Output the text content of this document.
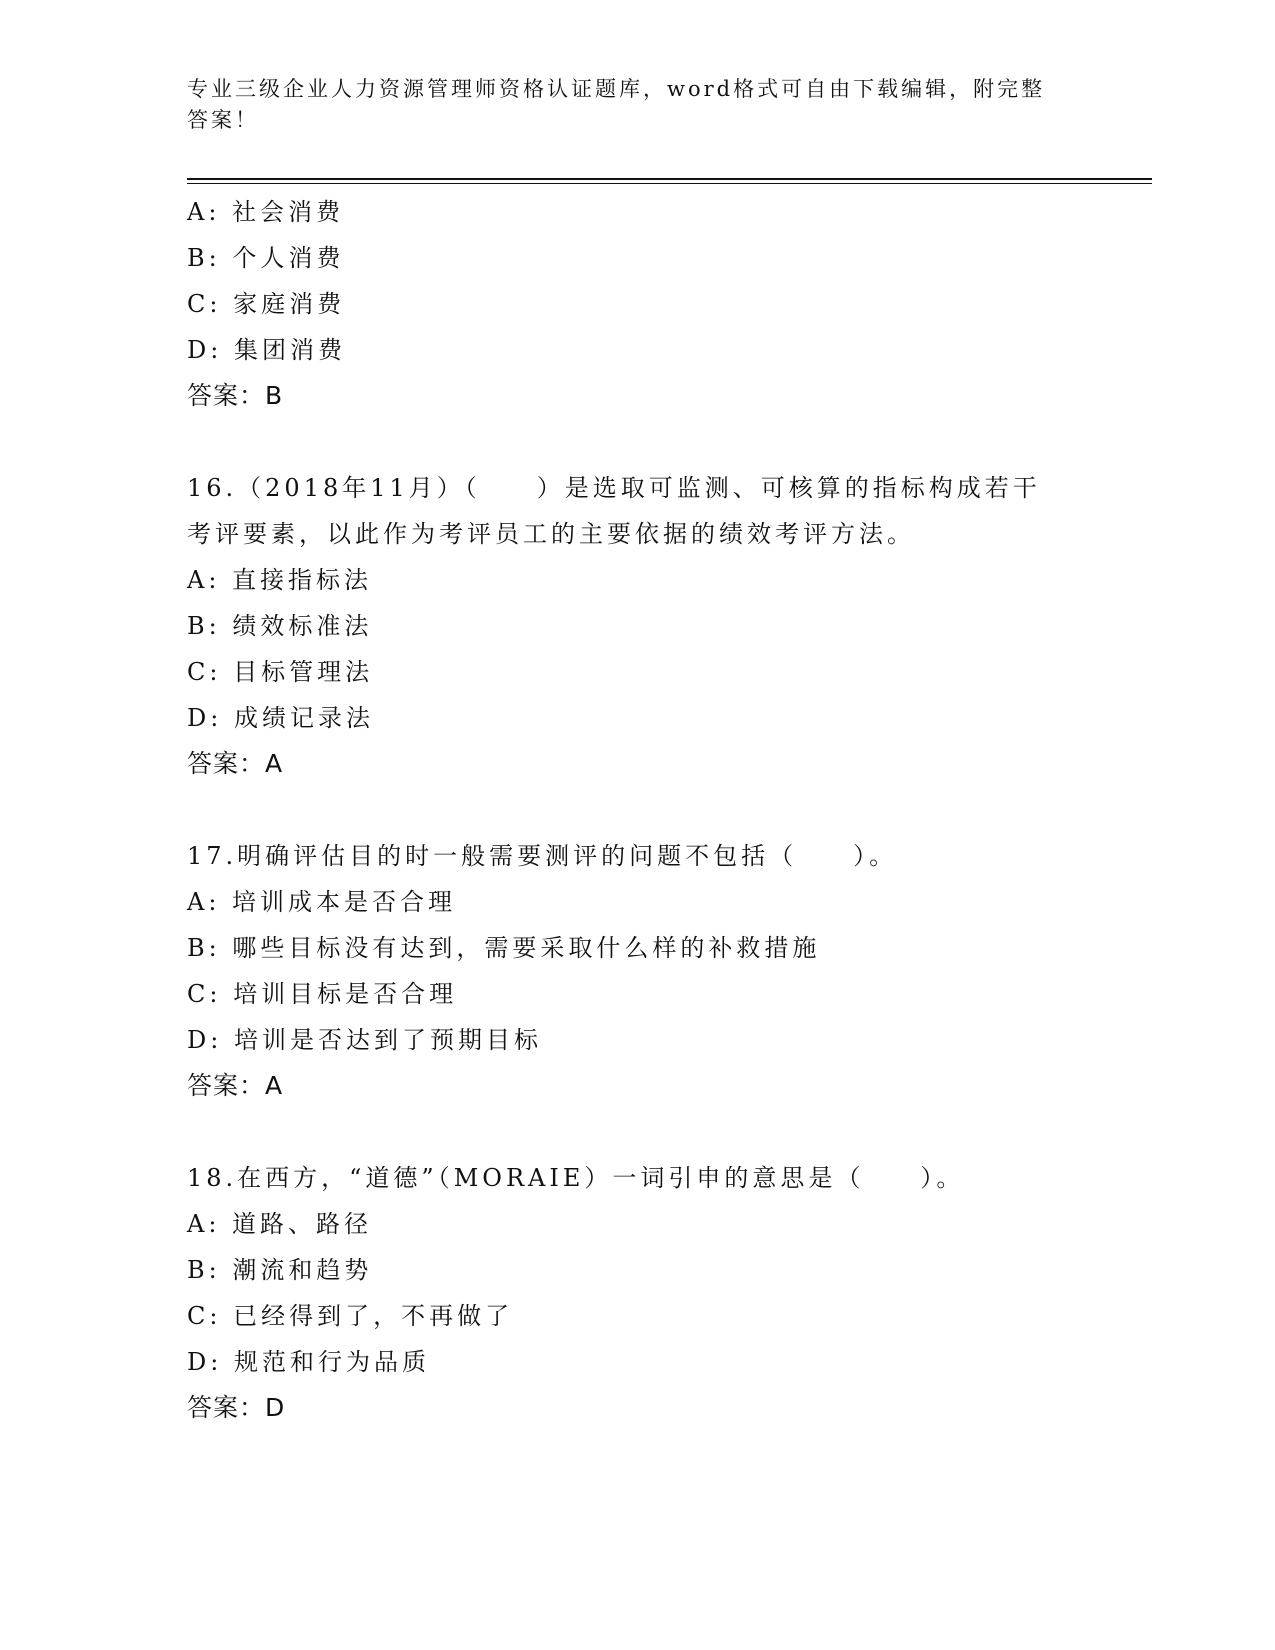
专业三级企业人力资源管理师资格认证题库，word格式可自由下载编辑，附完整
答案！
A: 社会消费
B: 个人消费
C: 家庭消费
D: 集团消费
答案：B
16.（2018年11月）（　　）是选取可监测、可核算的指标构成若干
考评要素，以此作为考评员工的主要依据的绩效考评方法。
A: 直接指标法
B: 绩效标准法
C: 目标管理法
D: 成绩记录法
答案：A
17.明确评估目的时一般需要测评的问题不包括（　　）。
A: 培训成本是否合理
B: 哪些目标没有达到，需要采取什么样的补救措施
C: 培训目标是否合理
D: 培训是否达到了预期目标
答案：A
18.在西方，“道德”（MORAIE）一词引申的意思是（　　）。
A: 道路、路径
B: 潮流和趋势
C: 已经得到了，不再做了
D: 规范和行为品质
答案：D
